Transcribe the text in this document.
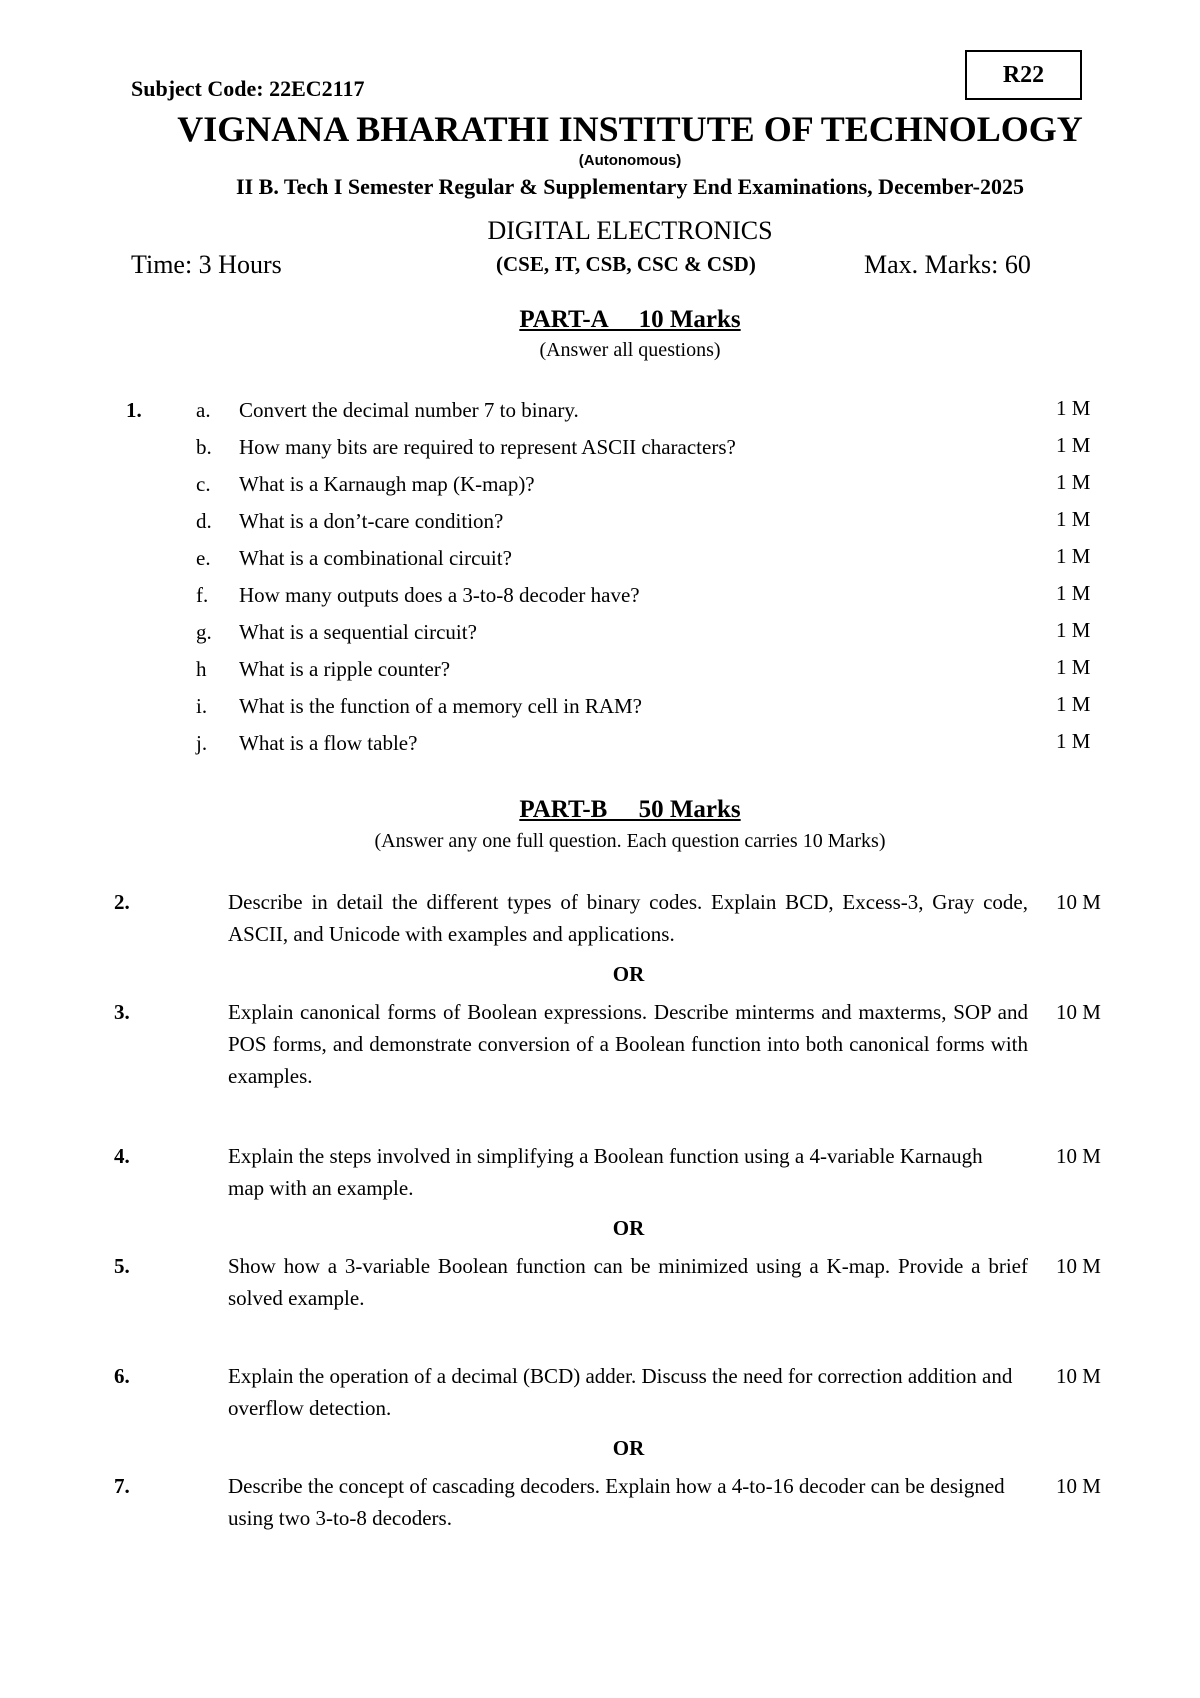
Subject Code: 22EC2117
R22
VIGNANA BHARATHI INSTITUTE OF TECHNOLOGY
(Autonomous)
II B. Tech I Semester Regular & Supplementary End Examinations, December-2025
DIGITAL ELECTRONICS
Time: 3 Hours	(CSE, IT, CSB, CSC & CSD)	Max. Marks: 60
PART-A     10 Marks
(Answer all questions)
1.	a. Convert the decimal number 7 to binary.	1 M
b. How many bits are required to represent ASCII characters?	1 M
c. What is a Karnaugh map (K-map)?	1 M
d. What is a don’t-care condition?	1 M
e. What is a combinational circuit?	1 M
f. How many outputs does a 3-to-8 decoder have?	1 M
g. What is a sequential circuit?	1 M
h What is a ripple counter?	1 M
i. What is the function of a memory cell in RAM?	1 M
j. What is a flow table?	1 M
PART-B     50 Marks
(Answer any one full question. Each question carries 10 Marks)
2.	Describe in detail the different types of binary codes. Explain BCD, Excess-3, Gray code, ASCII, and Unicode with examples and applications.
10 M
OR
3.	Explain canonical forms of Boolean expressions. Describe minterms and maxterms, SOP and POS forms, and demonstrate conversion of a Boolean function into both canonical forms with examples.
10 M
4.	Explain the steps involved in simplifying a Boolean function using a 4-variable Karnaugh map with an example.
10 M
OR
5.	Show how a 3-variable Boolean function can be minimized using a K-map. Provide a brief solved example.
10 M
6.	Explain the operation of a decimal (BCD) adder. Discuss the need for correction addition and overflow detection.
10 M
OR
7.	Describe the concept of cascading decoders. Explain how a 4-to-16 decoder can be designed using two 3-to-8 decoders.
10 M
